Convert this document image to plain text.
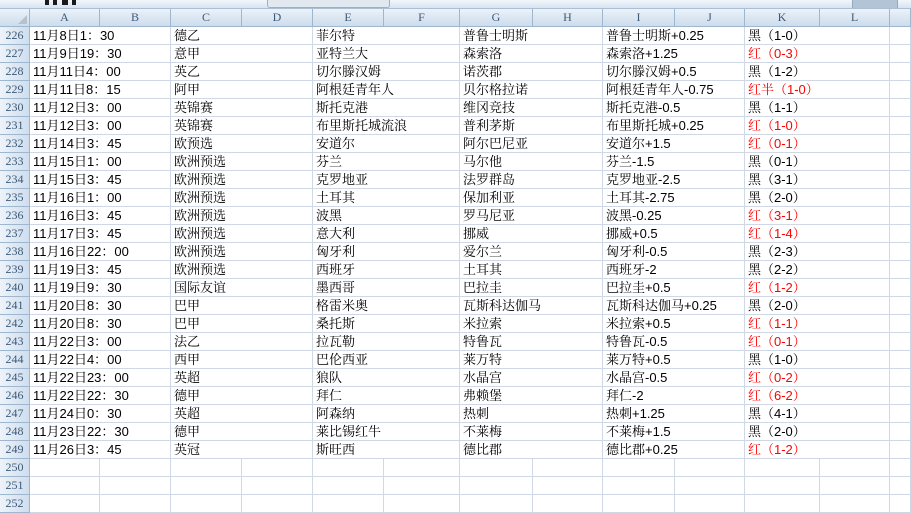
A	B	C	D	E	F	G	H	I	J	K	L
226 11月8日1：30	德乙	菲尔特	普鲁士明斯	普鲁士明斯+0.25	黑（1-0）
227 11月9日19：30	意甲	亚特兰大	森索洛	森索洛+1.25	红（0-3）
228 11月11日4：00	英乙	切尔滕汉姆	诺茨郡	切尔滕汉姆+0.5	黑（1-2）
229 11月11日8：15	阿甲	阿根廷青年人	贝尔格拉诺	阿根廷青年人-0.75	红半（1-0）
230 11月12日3：00	英锦赛	斯托克港	维冈竞技	斯托克港-0.5	黑（1-1）
231 11月12日3：00	英锦赛	布里斯托城流浪	普利茅斯	布里斯托城+0.25	红（1-0）
232 11月14日3：45	欧预选	安道尔	阿尔巴尼亚	安道尔+1.5	红（0-1）
233 11月15日1：00	欧洲预选	芬兰	马尔他	芬兰-1.5	黑（0-1）
234 11月15日3：45	欧洲预选	克罗地亚	法罗群岛	克罗地亚-2.5	黑（3-1）
235 11月16日1：00	欧洲预选	土耳其	保加利亚	土耳其-2.75	黑（2-0）
236 11月16日3：45	欧洲预选	波黑	罗马尼亚	波黑-0.25	红（3-1）
237 11月17日3：45	欧洲预选	意大利	挪威	挪威+0.5	红（1-4）
238 11月16日22：00	欧洲预选	匈牙利	爱尔兰	匈牙利-0.5	黑（2-3）
239 11月19日3：45	欧洲预选	西班牙	土耳其	西班牙-2	黑（2-2）
240 11月19日9：30	国际友谊	墨西哥	巴拉圭	巴拉圭+0.5	红（1-2）
241 11月20日8：30	巴甲	格雷米奥	瓦斯科达伽马	瓦斯科达伽马+0.25	黑（2-0）
242 11月20日8：30	巴甲	桑托斯	米拉索	米拉索+0.5	红（1-1）
243 11月22日3：00	法乙	拉瓦勒	特鲁瓦	特鲁瓦-0.5	红（0-1）
244 11月22日4：00	西甲	巴伦西亚	莱万特	莱万特+0.5	黑（1-0）
245 11月22日23：00	英超	狼队	水晶宫	水晶宫-0.5	红（0-2）
246 11月22日22：30	德甲	拜仁	弗赖堡	拜仁-2	红（6-2）
247 11月24日0：30	英超	阿森纳	热刺	热刺+1.25	黑（4-1）
248 11月23日22：30	德甲	莱比锡红牛	不莱梅	不莱梅+1.5	黑（2-0）
249 11月26日3：45	英冠	斯旺西	德比郡	德比郡+0.25	红（1-2）
250
251
252
